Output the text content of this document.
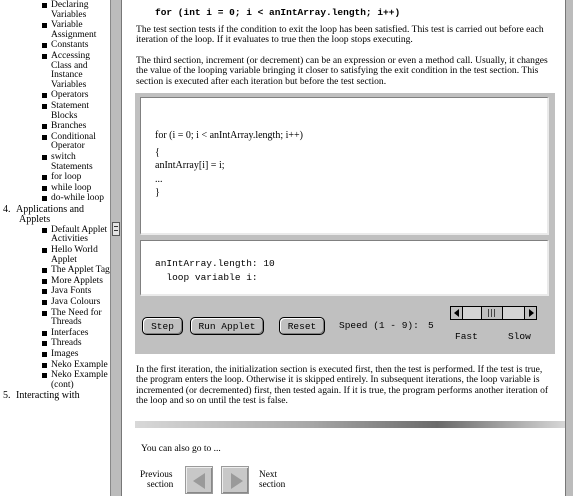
Declaring Variables
Variable Assignment
Constants
Accessing Class and Instance Variables
Operators
Statement Blocks
Branches
Conditional Operator
switch Statements
for loop
while loop
do-while loop
4. Applications and
Applets
Default Applet Activities
Hello World Applet
The Applet Tag
More Applets
Java Fonts
Java Colours
The Need for Threads
Interfaces
Threads
Images
Neko Example
Neko Example (cont)
5. Interacting with
for (int i = 0; i < anIntArray.length; i++)

The test section tests if the condition to exit the loop has been satisfied. This test is carried out before each iteration of the loop. If it evaluates to true then the loop stops executing.

The third section, increment (or decrement) can be an expression or even a method call. Usually, it changes the value of the looping variable bringing it closer to satisfying the exit condition in the test section. This section is executed after each iteration but before the test section.

for (i = 0; i < anIntArray.length; i++)
{
anIntArray[i] = i;
...
}
anIntArray.length: 10
loop variable i:
Step	Run Applet	Reset	Speed (1 - 9): 5
Fast	Slow

In the first iteration, the initialization section is executed first, then the test is performed. If the test is true, the program enters the loop. Otherwise it is skipped entirely. In subsequent iterations, the loop variable is incremented (or decremented) first, then tested again. If it is true, the program performs another iteration of the loop and so on until the test is false.

You can also go to ...
Previous
section
Next
section
